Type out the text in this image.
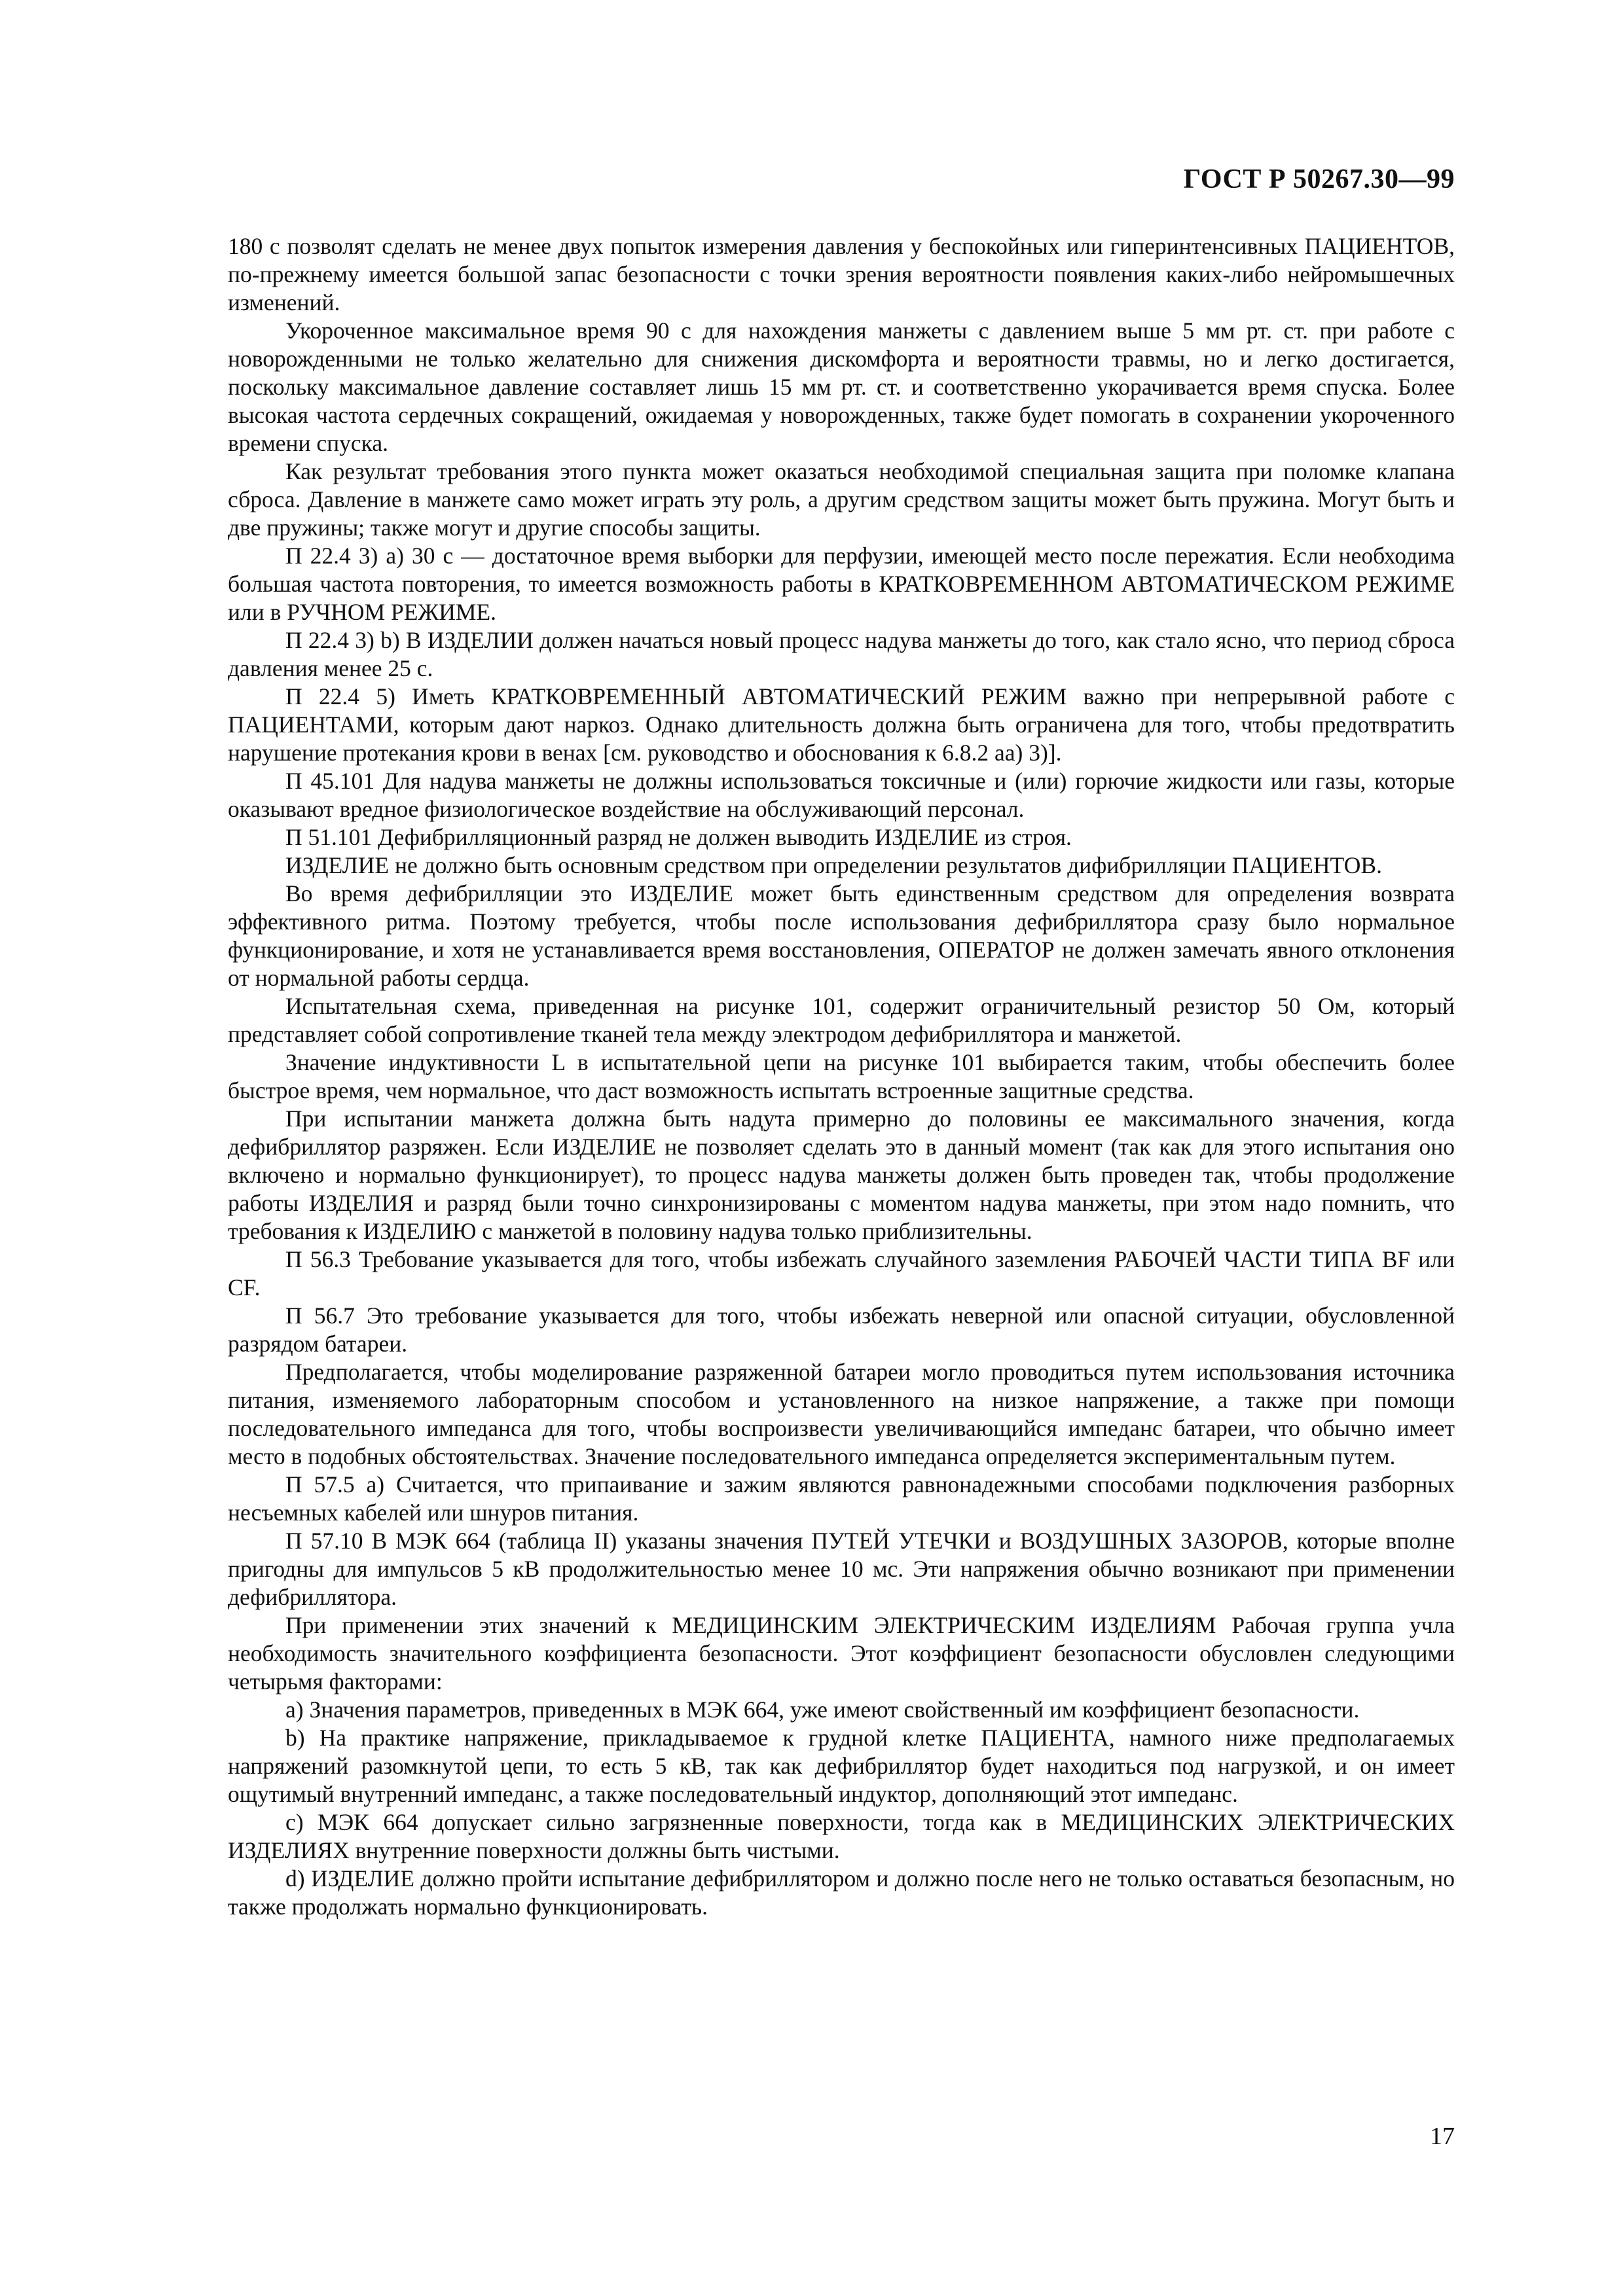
ГОСТ Р 50267.30—99

180 с позволят сделать не менее двух попыток измерения давления у беспокойных или гиперинтенсивных ПАЦИЕНТОВ, по-прежнему имеется большой запас безопасности с точки зрения вероятности появления каких-либо нейромышечных изменений.

Укороченное максимальное время 90 с для нахождения манжеты с давлением выше 5 мм рт. ст. при работе с новорожденными не только желательно для снижения дискомфорта и вероятности травмы, но и легко достигается, поскольку максимальное давление составляет лишь 15 мм рт. ст. и соответственно укорачивается время спуска. Более высокая частота сердечных сокращений, ожидаемая у новорожденных, также будет помогать в сохранении укороченного времени спуска.

Как результат требования этого пункта может оказаться необходимой специальная защита при поломке клапана сброса. Давление в манжете само может играть эту роль, а другим средством защиты может быть пружина. Могут быть и две пружины; также могут и другие способы защиты.

П 22.4 3) а) 30 с — достаточное время выборки для перфузии, имеющей место после пережатия. Если необходима большая частота повторения, то имеется возможность работы в КРАТКОВРЕМЕННОМ АВТОМАТИЧЕСКОМ РЕЖИМЕ или в РУЧНОМ РЕЖИМЕ.

П 22.4 3) b) В ИЗДЕЛИИ должен начаться новый процесс надува манжеты до того, как стало ясно, что период сброса давления менее 25 с.

П 22.4 5) Иметь КРАТКОВРЕМЕННЫЙ АВТОМАТИЧЕСКИЙ РЕЖИМ важно при непрерывной работе с ПАЦИЕНТАМИ, которым дают наркоз. Однако длительность должна быть ограничена для того, чтобы предотвратить нарушение протекания крови в венах [см. руководство и обоснования к 6.8.2 аа) 3)].

П 45.101 Для надува манжеты не должны использоваться токсичные и (или) горючие жидкости или газы, которые оказывают вредное физиологическое воздействие на обслуживающий персонал.

П 51.101 Дефибрилляционный разряд не должен выводить ИЗДЕЛИЕ из строя.

ИЗДЕЛИЕ не должно быть основным средством при определении результатов дифибрилляции ПАЦИЕНТОВ.

Во время дефибрилляции это ИЗДЕЛИЕ может быть единственным средством для определения возврата эффективного ритма. Поэтому требуется, чтобы после использования дефибриллятора сразу было нормальное функционирование, и хотя не устанавливается время восстановления, ОПЕРАТОР не должен замечать явного отклонения от нормальной работы сердца.

Испытательная схема, приведенная на рисунке 101, содержит ограничительный резистор 50 Ом, который представляет собой сопротивление тканей тела между электродом дефибриллятора и манжетой.

Значение индуктивности L в испытательной цепи на рисунке 101 выбирается таким, чтобы обеспечить более быстрое время, чем нормальное, что даст возможность испытать встроенные защитные средства.

При испытании манжета должна быть надута примерно до половины ее максимального значения, когда дефибриллятор разряжен. Если ИЗДЕЛИЕ не позволяет сделать это в данный момент (так как для этого испытания оно включено и нормально функционирует), то процесс надува манжеты должен быть проведен так, чтобы продолжение работы ИЗДЕЛИЯ и разряд были точно синхронизированы с моментом надува манжеты, при этом надо помнить, что требования к ИЗДЕЛИЮ с манжетой в половину надува только приблизительны.

П 56.3 Требование указывается для того, чтобы избежать случайного заземления РАБОЧЕЙ ЧАСТИ ТИПА BF или CF.

П 56.7 Это требование указывается для того, чтобы избежать неверной или опасной ситуации, обусловленной разрядом батареи.

Предполагается, чтобы моделирование разряженной батареи могло проводиться путем использования источника питания, изменяемого лабораторным способом и установленного на низкое напряжение, а также при помощи последовательного импеданса для того, чтобы воспроизвести увеличивающийся импеданс батареи, что обычно имеет место в подобных обстоятельствах. Значение последовательного импеданса определяется экспериментальным путем.

П 57.5 а) Считается, что припаивание и зажим являются равнонадежными способами подключения разборных несъемных кабелей или шнуров питания.

П 57.10 В МЭК 664 (таблица II) указаны значения ПУТЕЙ УТЕЧКИ и ВОЗДУШНЫХ ЗАЗОРОВ, которые вполне пригодны для импульсов 5 кВ продолжительностью менее 10 мс. Эти напряжения обычно возникают при применении дефибриллятора.

При применении этих значений к МЕДИЦИНСКИМ ЭЛЕКТРИЧЕСКИМ ИЗДЕЛИЯМ Рабочая группа учла необходимость значительного коэффициента безопасности. Этот коэффициент безопасности обусловлен следующими четырьмя факторами:

a) Значения параметров, приведенных в МЭК 664, уже имеют свойственный им коэффициент безопасности.

b) На практике напряжение, прикладываемое к грудной клетке ПАЦИЕНТА, намного ниже предполагаемых напряжений разомкнутой цепи, то есть 5 кВ, так как дефибриллятор будет находиться под нагрузкой, и он имеет ощутимый внутренний импеданс, а также последовательный индуктор, дополняющий этот импеданс.

c) МЭК 664 допускает сильно загрязненные поверхности, тогда как в МЕДИЦИНСКИХ ЭЛЕКТРИЧЕСКИХ ИЗДЕЛИЯХ внутренние поверхности должны быть чистыми.

d) ИЗДЕЛИЕ должно пройти испытание дефибриллятором и должно после него не только оставаться безопасным, но также продолжать нормально функционировать.

17
